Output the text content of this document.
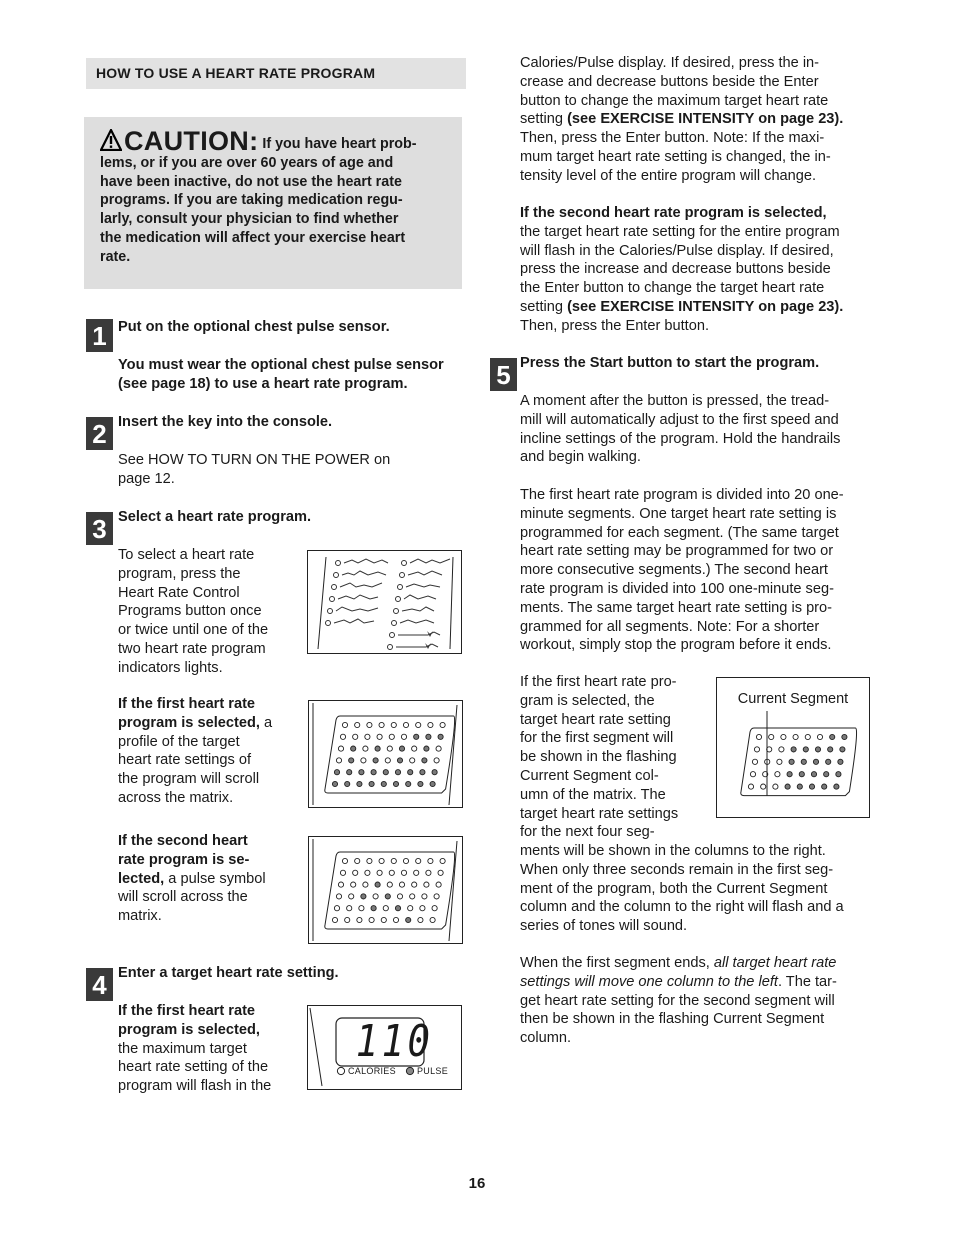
HOW TO USE A HEART RATE PROGRAM
CAUTION: If you have heart prob-
lems, or if you are over 60 years of age and
have been inactive, do not use the heart rate
programs. If you are taking medication regu-
larly, consult your physician to find whether
the medication will affect your exercise heart
rate.
1 Put on the optional chest pulse sensor.

You must wear the optional chest pulse sensor
(see page 18) to use a heart rate program.
2 Insert the key into the console.

See HOW TO TURN ON THE POWER on
page 12.
3 Select a heart rate program.

To select a heart rate
program, press the
Heart Rate Control
Programs button once
or twice until one of the
two heart rate program
indicators lights.
If the first heart rate
program is selected, a
profile of the target
heart rate settings of
the program will scroll
across the matrix.
If the second heart
rate program is se-
lected, a pulse symbol
will scroll across the
matrix.
4 Enter a target heart rate setting.

If the first heart rate
program is selected,
the maximum target
heart rate setting of the
program will flash in the
110
CALORIES PULSE
Calories/Pulse display. If desired, press the in-
crease and decrease buttons beside the Enter
button to change the maximum target heart rate
setting (see EXERCISE INTENSITY on page 23).
Then, press the Enter button. Note: If the maxi-
mum target heart rate setting is changed, the in-
tensity level of the entire program will change.
If the second heart rate program is selected,
the target heart rate setting for the entire program
will flash in the Calories/Pulse display. If desired,
press the increase and decrease buttons beside
the Enter button to change the target heart rate
setting (see EXERCISE INTENSITY on page 23).
Then, press the Enter button.
5 Press the Start button to start the program.

A moment after the button is pressed, the tread-
mill will automatically adjust to the first speed and
incline settings of the program. Hold the handrails
and begin walking.
The first heart rate program is divided into 20 one-
minute segments. One target heart rate setting is
programmed for each segment. (The same target
heart rate setting may be programmed for two or
more consecutive segments.) The second heart
rate program is divided into 100 one-minute seg-
ments. The same target heart rate setting is pro-
grammed for all segments. Note: For a shorter
workout, simply stop the program before it ends.
If the first heart rate pro-
gram is selected, the
target heart rate setting
for the first segment will
be shown in the flashing
Current Segment col-
umn of the matrix. The
target heart rate settings
for the next four seg-
Current Segment
ments will be shown in the columns to the right.
When only three seconds remain in the first seg-
ment of the program, both the Current Segment
column and the column to the right will flash and a
series of tones will sound.
When the first segment ends, all target heart rate
settings will move one column to the left. The tar-
get heart rate setting for the second segment will
then be shown in the flashing Current Segment
column.
16
